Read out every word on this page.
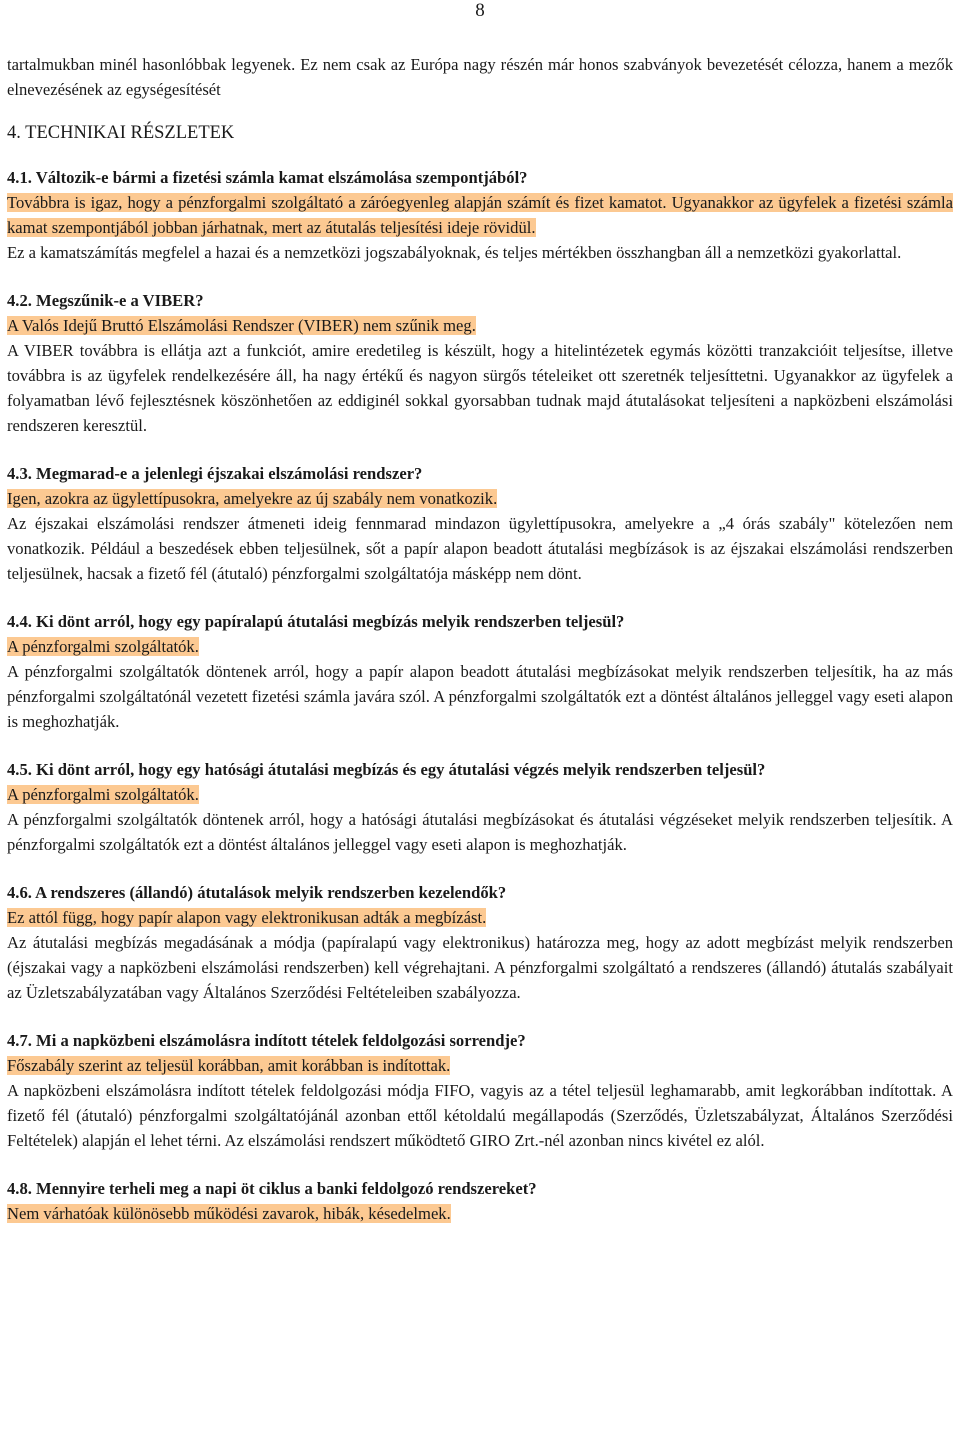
8

tartalmukban minél hasonlóbbak legyenek. Ez nem csak az Európa nagy részén már honos szabványok bevezetését célozza, hanem a mezők elnevezésének az egységesítését

4. TECHNIKAI RÉSZLETEK
4.1. Változik-e bármi a fizetési számla kamat elszámolása szempontjából?

Továbbra is igaz, hogy a pénzforgalmi szolgáltató a záróegyenleg alapján számít és fizet kamatot. Ugyanakkor az ügyfelek a fizetési számla kamat szempontjából jobban járhatnak, mert az átutalás teljesítési ideje rövidül.

Ez a kamatszámítás megfelel a hazai és a nemzetközi jogszabályoknak, és teljes mértékben összhangban áll a nemzetközi gyakorlattal.

4.2. Megszűnik-e a VIBER?

A Valós Idejű Bruttó Elszámolási Rendszer (VIBER) nem szűnik meg.

A VIBER továbbra is ellátja azt a funkciót, amire eredetileg is készült, hogy a hitelintézetek egymás közötti tranzakcióit teljesítse, illetve továbbra is az ügyfelek rendelkezésére áll, ha nagy értékű és nagyon sürgős tételeiket ott szeretnék teljesíttetni. Ugyanakkor az ügyfelek a folyamatban lévő fejlesztésnek köszönhetően az eddiginél sokkal gyorsabban tudnak majd átutalásokat teljesíteni a napközbeni elszámolási rendszeren keresztül.

4.3. Megmarad-e a jelenlegi éjszakai elszámolási rendszer?

Igen, azokra az ügylettípusokra, amelyekre az új szabály nem vonatkozik.

Az éjszakai elszámolási rendszer átmeneti ideig fennmarad mindazon ügylettípusokra, amelyekre a „4 órás szabály" kötelezően nem vonatkozik. Például a beszedések ebben teljesülnek, sőt a papír alapon beadott átutalási megbízások is az éjszakai elszámolási rendszerben teljesülnek, hacsak a fizető fél (átutaló) pénzforgalmi szolgáltatója másképp nem dönt.

4.4. Ki dönt arról, hogy egy papíralapú átutalási megbízás melyik rendszerben teljesül?

A pénzforgalmi szolgáltatók.

A pénzforgalmi szolgáltatók döntenek arról, hogy a papír alapon beadott átutalási megbízásokat melyik rendszerben teljesítik, ha az más pénzforgalmi szolgáltatónál vezetett fizetési számla javára szól. A pénzforgalmi szolgáltatók ezt a döntést általános jelleggel vagy eseti alapon is meghozhatják.

4.5. Ki dönt arról, hogy egy hatósági átutalási megbízás és egy átutalási végzés melyik rendszerben teljesül?

A pénzforgalmi szolgáltatók.

A pénzforgalmi szolgáltatók döntenek arról, hogy a hatósági átutalási megbízásokat és átutalási végzéseket melyik rendszerben teljesítik. A pénzforgalmi szolgáltatók ezt a döntést általános jelleggel vagy eseti alapon is meghozhatják.

4.6. A rendszeres (állandó) átutalások melyik rendszerben kezelendők?

Ez attól függ, hogy papír alapon vagy elektronikusan adták a megbízást.

Az átutalási megbízás megadásának a módja (papíralapú vagy elektronikus) határozza meg, hogy az adott megbízást melyik rendszerben (éjszakai vagy a napközbeni elszámolási rendszerben) kell végrehajtani. A pénzforgalmi szolgáltató a rendszeres (állandó) átutalás szabályait az Üzletszabályzatában vagy Általános Szerződési Feltételeiben szabályozza.

4.7. Mi a napközbeni elszámolásra indított tételek feldolgozási sorrendje?

Főszabály szerint az teljesül korábban, amit korábban is indítottak.

A napközbeni elszámolásra indított tételek feldolgozási módja FIFO, vagyis az a tétel teljesül leghamarabb, amit legkorábban indítottak. A fizető fél (átutaló) pénzforgalmi szolgáltatójánál azonban ettől kétoldalú megállapodás (Szerződés, Üzletszabályzat, Általános Szerződési Feltételek) alapján el lehet térni. Az elszámolási rendszert működtető GIRO Zrt.-nél azonban nincs kivétel ez alól.

4.8. Mennyire terheli meg a napi öt ciklus a banki feldolgozó rendszereket?

Nem várhatóak különösebb működési zavarok, hibák, késedelmek.
